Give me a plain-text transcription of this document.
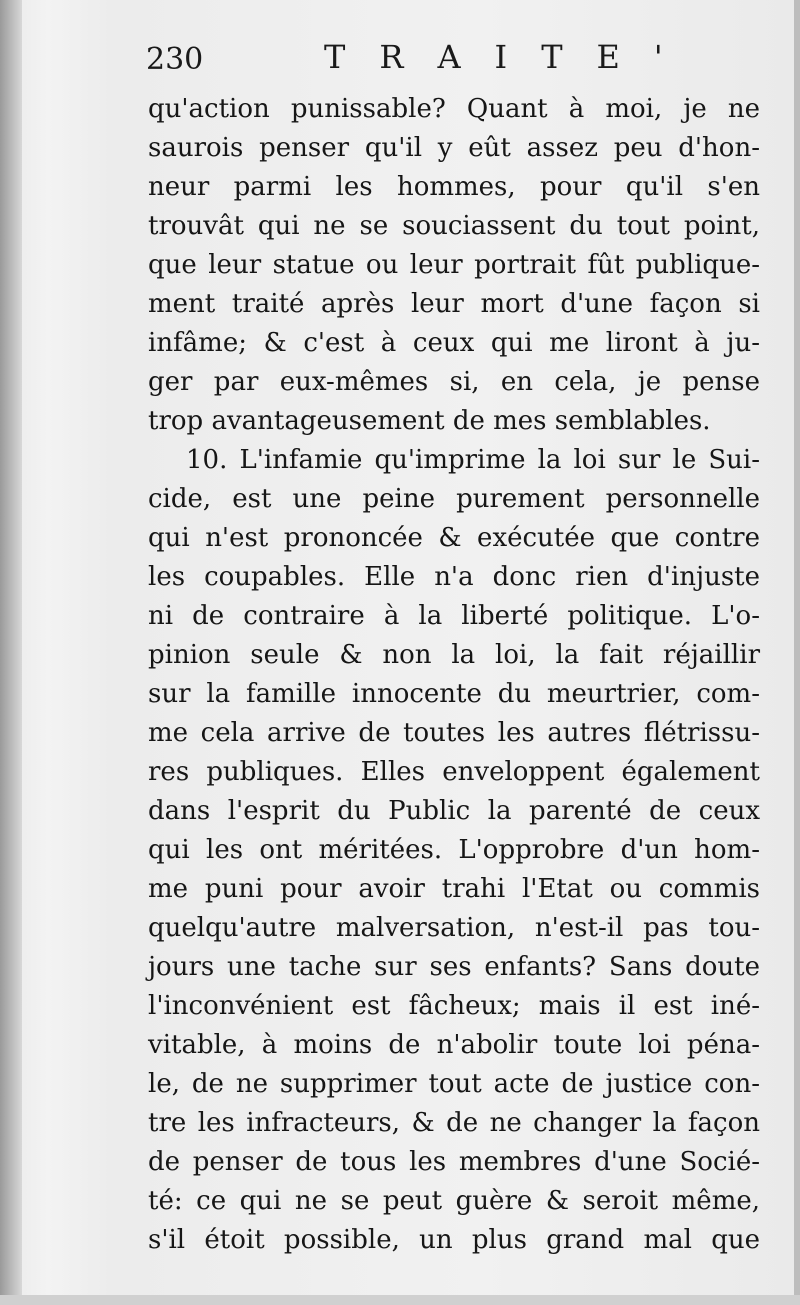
230	TRAITE'
qu'action punissable? Quant à moi, je ne
saurois penser qu'il y eût assez peu d'hon-
neur parmi les hommes, pour qu'il s'en
trouvât qui ne se souciassent du tout point,
que leur statue ou leur portrait fût publique-
ment traité après leur mort d'une façon si
infâme; & c'est à ceux qui me liront à ju-
ger par eux-mêmes si, en cela, je pense
trop avantageusement de mes semblables.
10. L'infamie qu'imprime la loi sur le Sui-
cide, est une peine purement personnelle
qui n'est prononcée & exécutée que contre
les coupables. Elle n'a donc rien d'injuste
ni de contraire à la liberté politique. L'o-
pinion seule & non la loi, la fait réjaillir
sur la famille innocente du meurtrier, com-
me cela arrive de toutes les autres flétrissu-
res publiques. Elles enveloppent également
dans l'esprit du Public la parenté de ceux
qui les ont méritées. L'opprobre d'un hom-
me puni pour avoir trahi l'Etat ou commis
quelqu'autre malversation, n'est-il pas tou-
jours une tache sur ses enfants? Sans doute
l'inconvénient est fâcheux; mais il est iné-
vitable, à moins de n'abolir toute loi péna-
le, de ne supprimer tout acte de justice con-
tre les infracteurs, & de ne changer la façon
de penser de tous les membres d'une Socié-
té: ce qui ne se peut guère & seroit même,
s'il étoit possible, un plus grand mal que
